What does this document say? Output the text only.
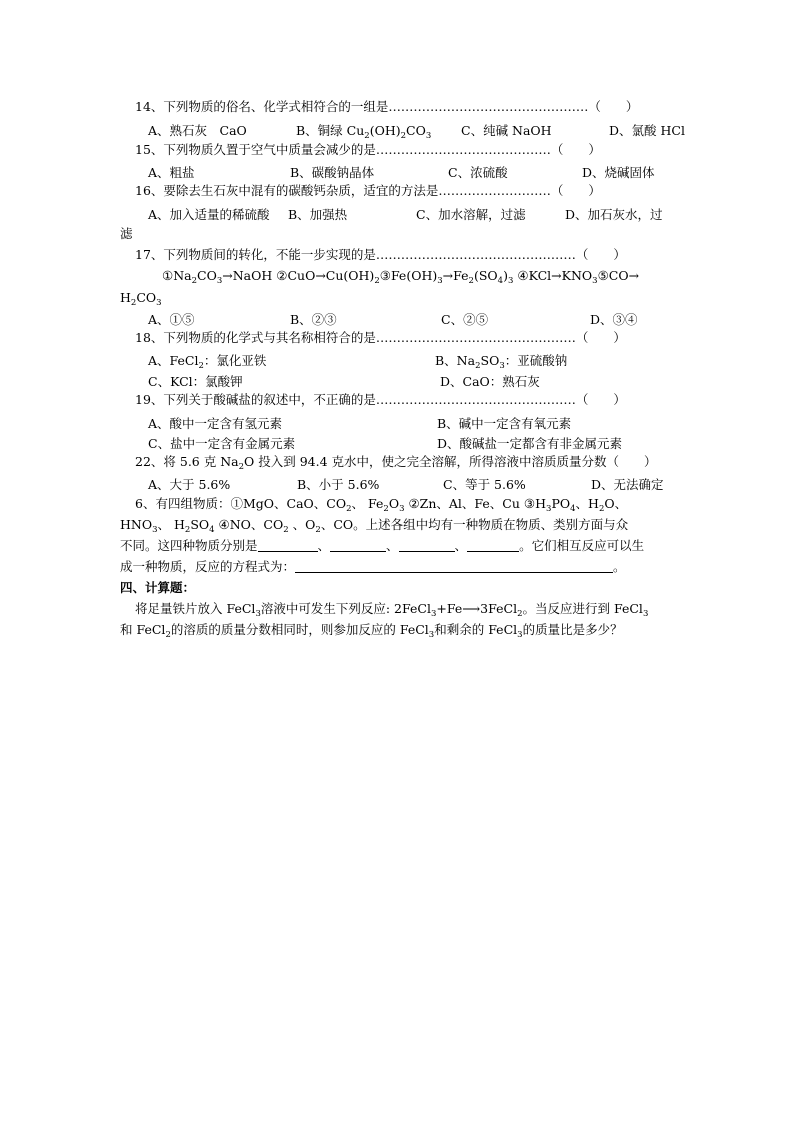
14、下列物质的俗名、化学式相符合的一组是…………………………………………（　　）
A、熟石灰　CaO	B、铜绿 $Cu_2(OH)_2CO_3$ C、纯碱 NaOH	D、氯酸 HCl
15、下列物质久置于空气中质量会减少的是……………………………………（　　）
A、粗盐	B、碳酸钠晶体	C、浓硫酸	D、烧碱固体
16、要除去生石灰中混有的碳酸钙杂质，适宜的方法是………………………（　　）
A、加入适量的稀硫酸 B、加强热	C、加水溶解，过滤	D、加石灰水，过
滤
17、下列物质间的转化，不能一步实现的是…………………………………………（　　）
$①Na_2CO_3\to NaOH$ $②CuO\to Cu(OH)_2③Fe(OH)_3\to Fe_2(SO_4)_3$ $④KCl\to KNO_3⑤CO\to$
$H_2CO_3$
A、①⑤	B、②③	C、②⑤	D、③④
18、下列物质的化学式与其名称相符合的是…………………………………………（　　）
A、FeCl$_2$：氯化亚铁	B、$Na_2SO_3$：亚硫酸钠
C、KCl：氯酸钾	D、CaO：熟石灰
19、下列关于酸碱盐的叙述中，不正确的是…………………………………………（　　）
A、酸中一定含有氢元素	B、碱中一定含有氧元素
C、盐中一定含有金属元素	D、酸碱盐一定都含有非金属元素
22、将 5.6 克 $Na_2O$ 投入到 94.4 克水中，使之完全溶解，所得溶液中溶质质量分数（　　）
A、大于 5.6%	B、小于 5.6%	C、等于 5.6%	D、无法确定
6、有四组物质：①MgO、CaO、$CO_2$、 $Fe_2O_3$ ②Zn、Al、Fe、Cu $③H_3PO_4$、$H_2O$、
$HNO_3$、 $H_2SO_4$ ④NO、$CO_2$ 、$O_2$、CO。上述各组中均有一种物质在物质、类别方面与众
不同。这四种物质分别是	、	、	、	。它们相互反应可以生
成一种物质，反应的方程式为：	。
四、计算题：
将足量铁片放入 FeCl$_3$溶液中可发生下列反应: 2FeCl$_3$+Fe⟶3FeCl$_2$。当反应进行到 FeCl$_3$
和 FeCl$_2$的溶质的质量分数相同时，则参加反应的 FeCl$_3$和剩余的 FeCl$_3$的质量比是多少？
